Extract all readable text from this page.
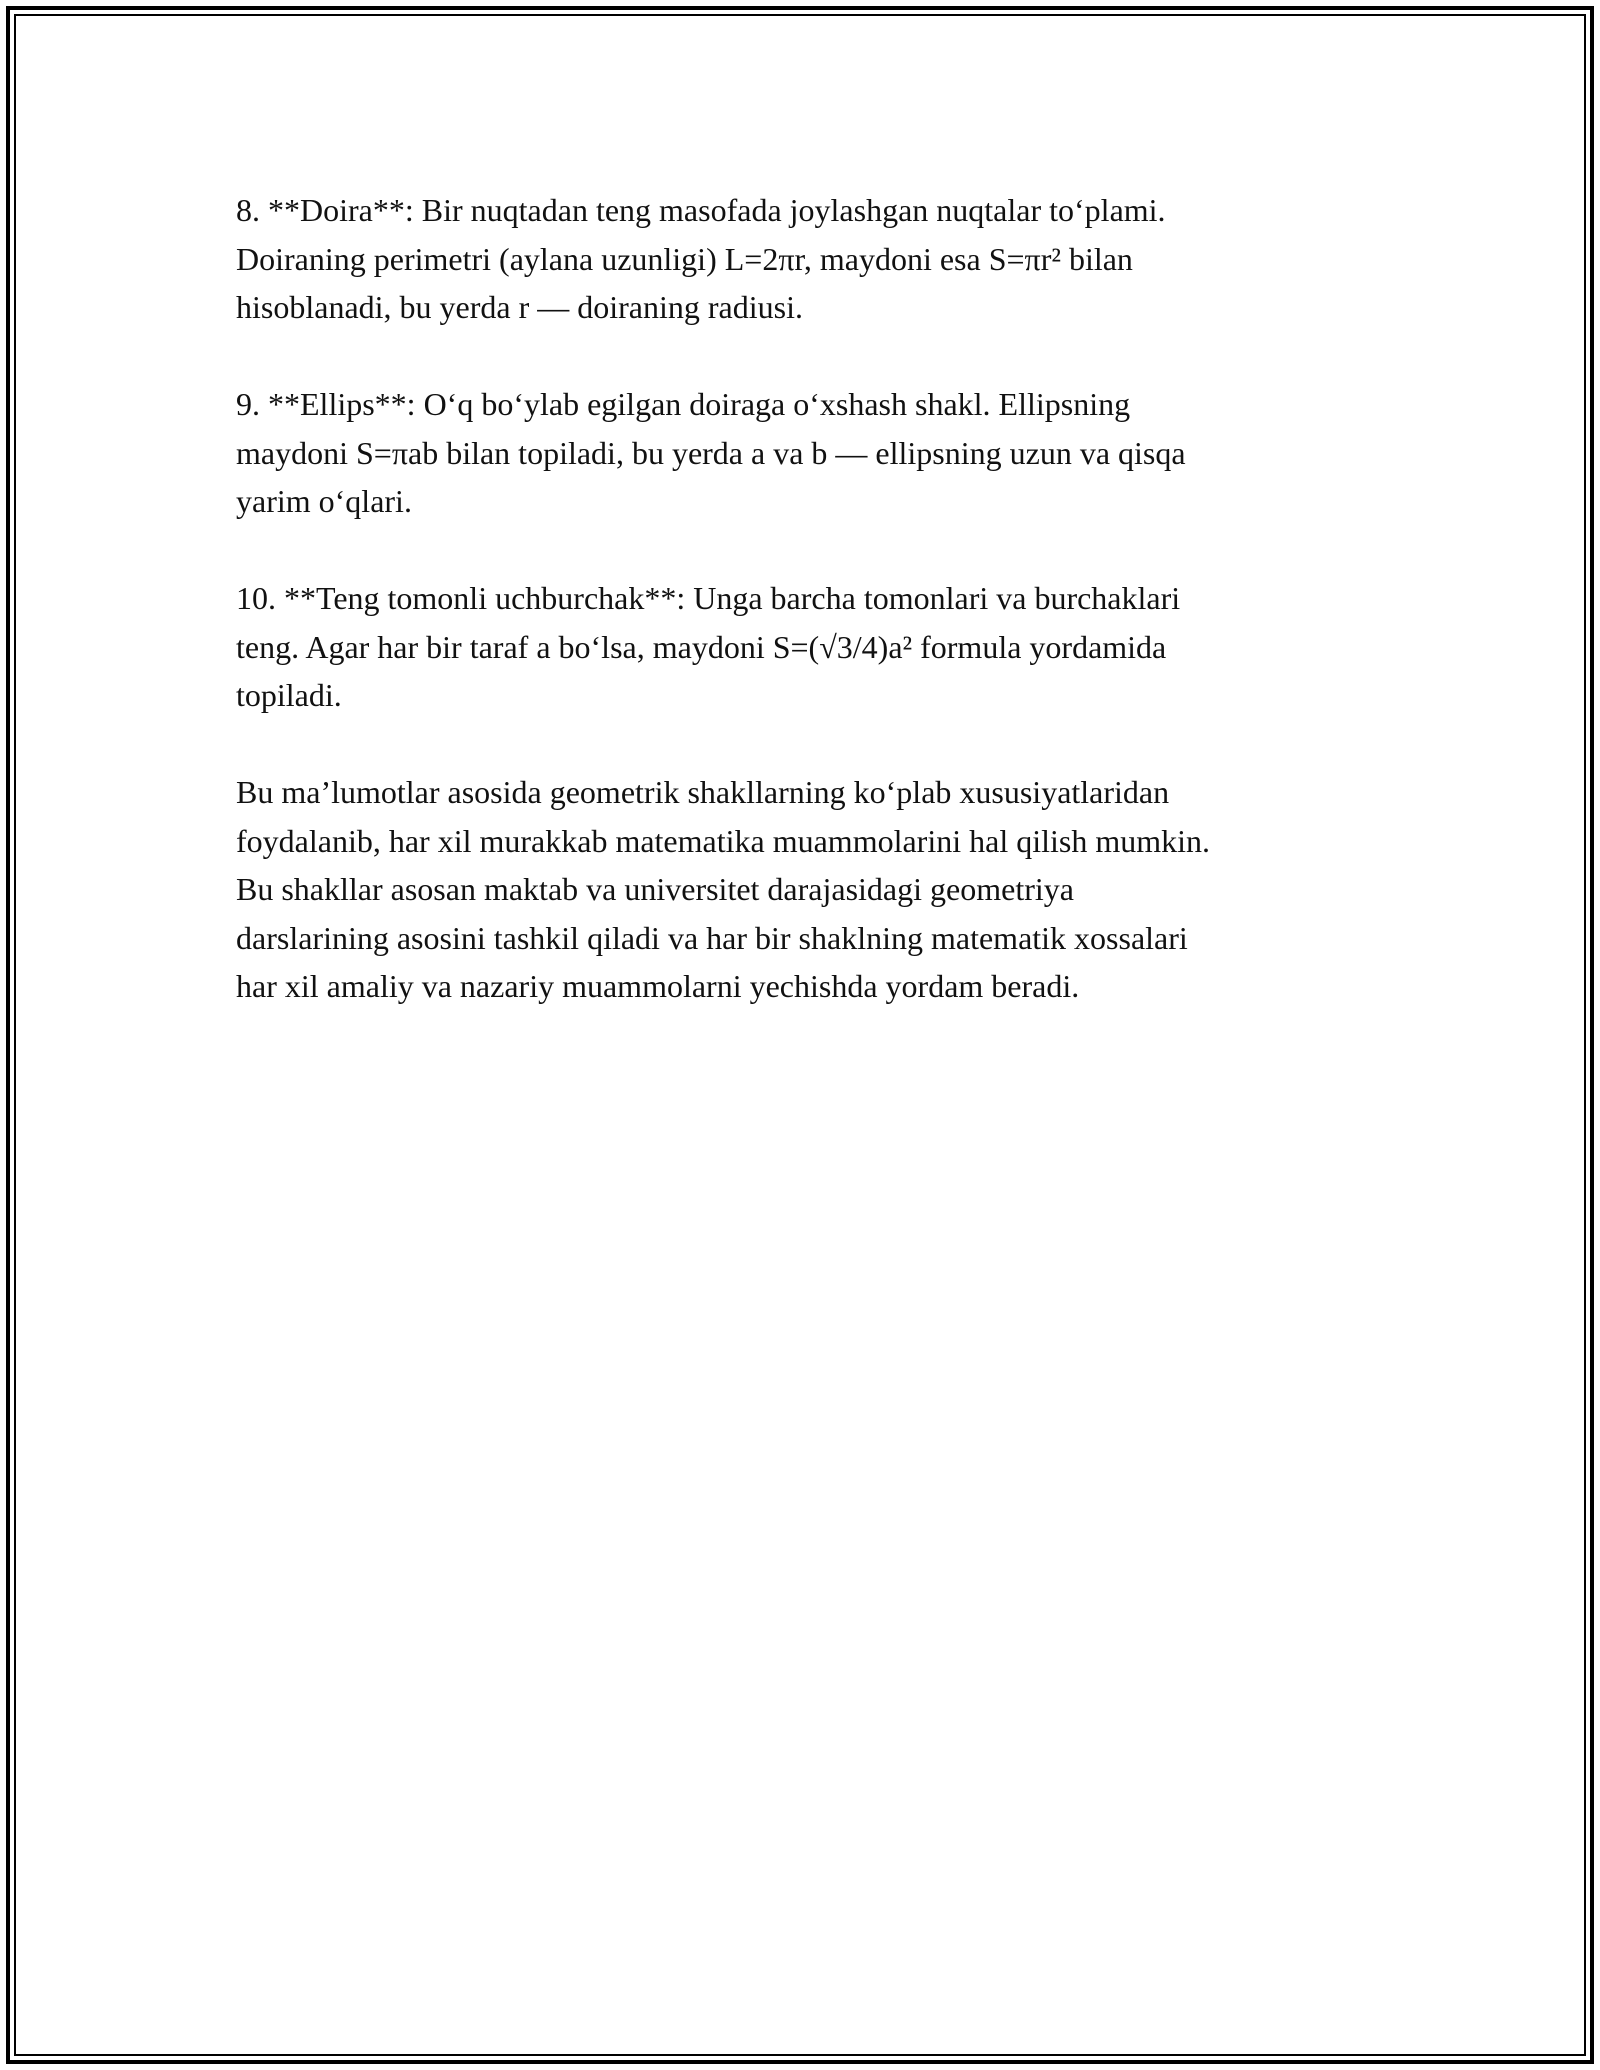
8. **Doira**: Bir nuqtadan teng masofada joylashgan nuqtalar to‘plami.
Doiraning perimetri (aylana uzunligi) L=2πr, maydoni esa S=πr² bilan
hisoblanadi, bu yerda r — doiraning radiusi.

9. **Ellips**: O‘q bo‘ylab egilgan doiraga o‘xshash shakl. Ellipsning
maydoni S=πab bilan topiladi, bu yerda a va b — ellipsning uzun va qisqa
yarim o‘qlari.

10. **Teng tomonli uchburchak**: Unga barcha tomonlari va burchaklari
teng. Agar har bir taraf a bo‘lsa, maydoni S=(√3/4)a² formula yordamida
topiladi.

Bu ma’lumotlar asosida geometrik shakllarning ko‘plab xususiyatlaridan
foydalanib, har xil murakkab matematika muammolarini hal qilish mumkin.
Bu shakllar asosan maktab va universitet darajasidagi geometriya
darslarining asosini tashkil qiladi va har bir shaklning matematik xossalari
har xil amaliy va nazariy muammolarni yechishda yordam beradi.
